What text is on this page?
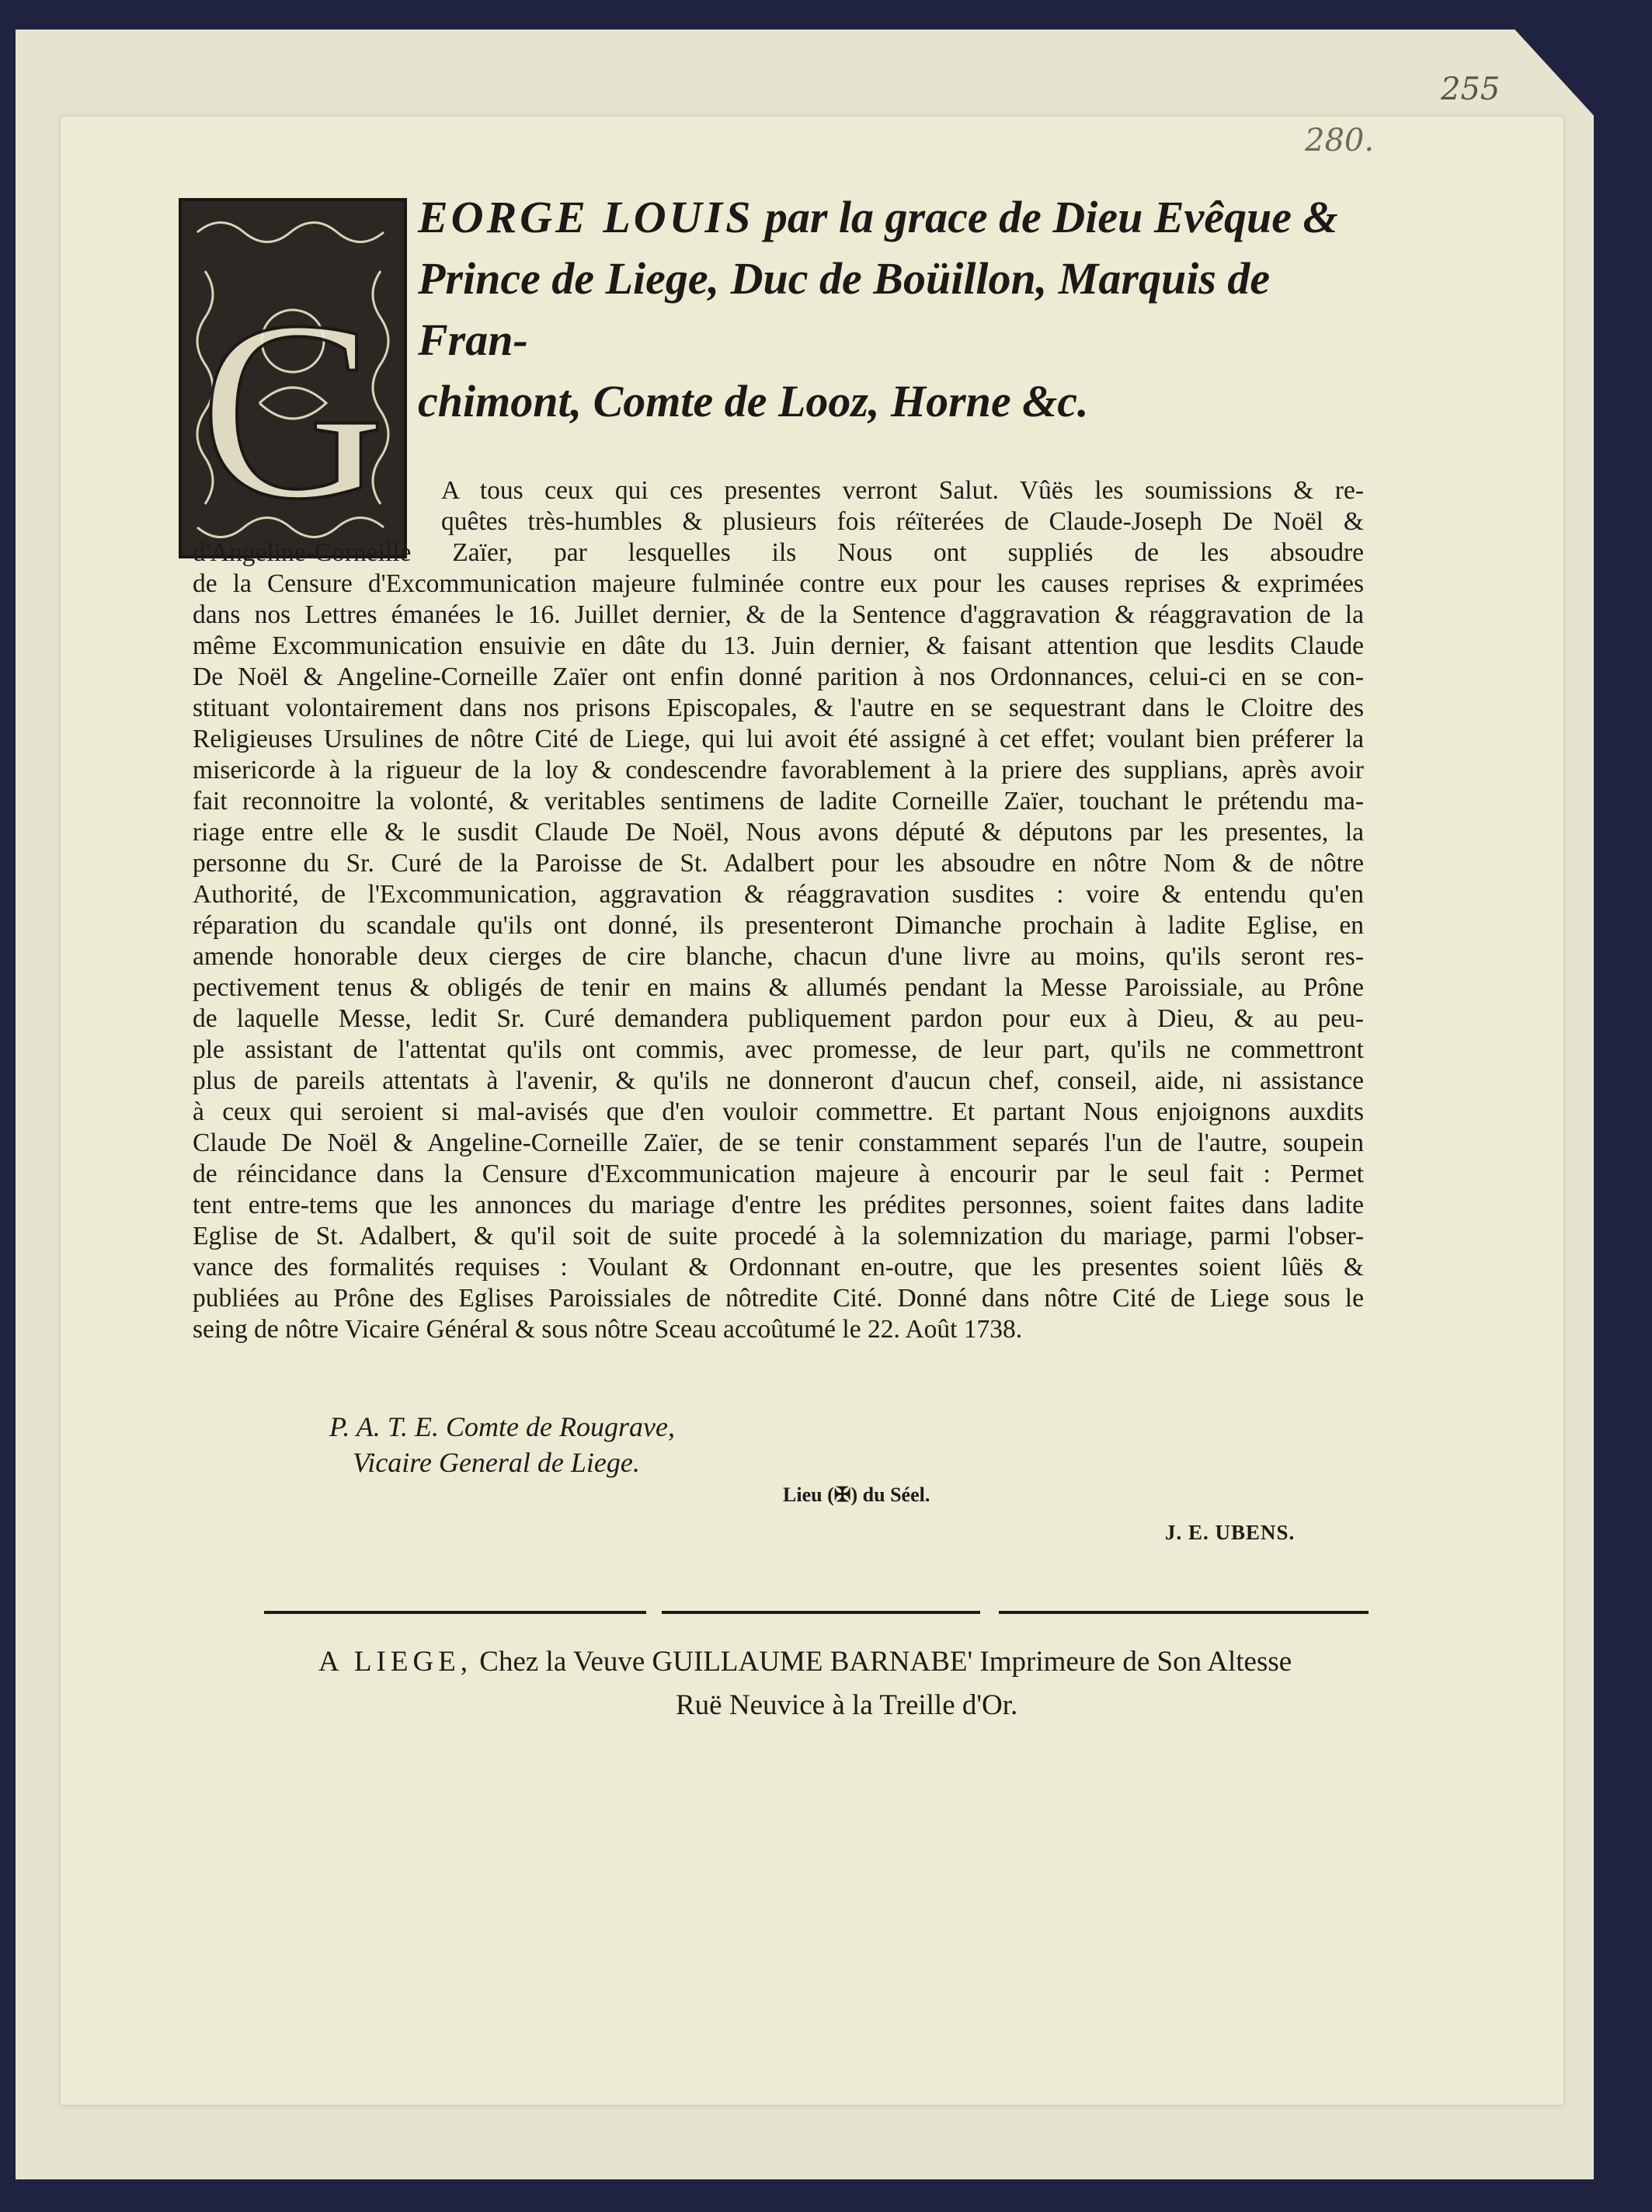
255
280.
G
EORGE LOUIS par la grace de Dieu Evêque &
Prince de Liege, Duc de Boüillon, Marquis de Fran-
chimont, Comte de Looz, Horne &c.
A tous ceux qui ces presentes verront Salut. Vûës les soumissions & re-
quêtes très-humbles & plusieurs fois réïterées de Claude-Joseph De Noël &
d'Angeline-Corneille Zaïer, par lesquelles ils Nous ont suppliés de les absoudre
de la Censure d'Excommunication majeure fulminée contre eux pour les causes reprises & exprimées
dans nos Lettres émanées le 16. Juillet dernier, & de la Sentence d'aggravation & réaggravation de la
même Excommunication ensuivie en dâte du 13. Juin dernier, & faisant attention que lesdits Claude
De Noël & Angeline-Corneille Zaïer ont enfin donné parition à nos Ordonnances, celui-ci en se con-
stituant volontairement dans nos prisons Episcopales, & l'autre en se sequestrant dans le Cloitre des
Religieuses Ursulines de nôtre Cité de Liege, qui lui avoit été assigné à cet effet; voulant bien préferer la
misericorde à la rigueur de la loy & condescendre favorablement à la priere des supplians, après avoir
fait reconnoitre la volonté, & veritables sentimens de ladite Corneille Zaïer, touchant le prétendu ma-
riage entre elle & le susdit Claude De Noël, Nous avons député & députons par les presentes, la
personne du Sr. Curé de la Paroisse de St. Adalbert pour les absoudre en nôtre Nom & de nôtre
Authorité, de l'Excommunication, aggravation & réaggravation susdites : voire & entendu qu'en
réparation du scandale qu'ils ont donné, ils presenteront Dimanche prochain à ladite Eglise, en
amende honorable deux cierges de cire blanche, chacun d'une livre au moins, qu'ils seront res-
pectivement tenus & obligés de tenir en mains & allumés pendant la Messe Paroissiale, au Prône
de laquelle Messe, ledit Sr. Curé demandera publiquement pardon pour eux à Dieu, & au peu-
ple assistant de l'attentat qu'ils ont commis, avec promesse, de leur part, qu'ils ne commettront
plus de pareils attentats à l'avenir, & qu'ils ne donneront d'aucun chef, conseil, aide, ni assistance
à ceux qui seroient si mal-avisés que d'en vouloir commettre. Et partant Nous enjoignons auxdits
Claude De Noël & Angeline-Corneille Zaïer, de se tenir constamment separés l'un de l'autre, soupein
de réincidance dans la Censure d'Excommunication majeure à encourir par le seul fait : Permet
tent entre-tems que les annonces du mariage d'entre les prédites personnes, soient faites dans ladite
Eglise de St. Adalbert, & qu'il soit de suite procedé à la solemnization du mariage, parmi l'obser-
vance des formalités requises : Voulant & Ordonnant en-outre, que les presentes soient lûës &
publiées au Prône des Eglises Paroissiales de nôtredite Cité. Donné dans nôtre Cité de Liege sous le
seing de nôtre Vicaire Général & sous nôtre Sceau accoûtumé le 22. Août 1738.
P. A. T. E. Comte de Rougrave,
Vicaire General de Liege.
Lieu (✠) du Séel.
J. E. UBENS.
A LIEGE, Chez la Veuve GUILLAUME BARNABE' Imprimeure de Son Altesse
Ruë Neuvice à la Treille d'Or.
